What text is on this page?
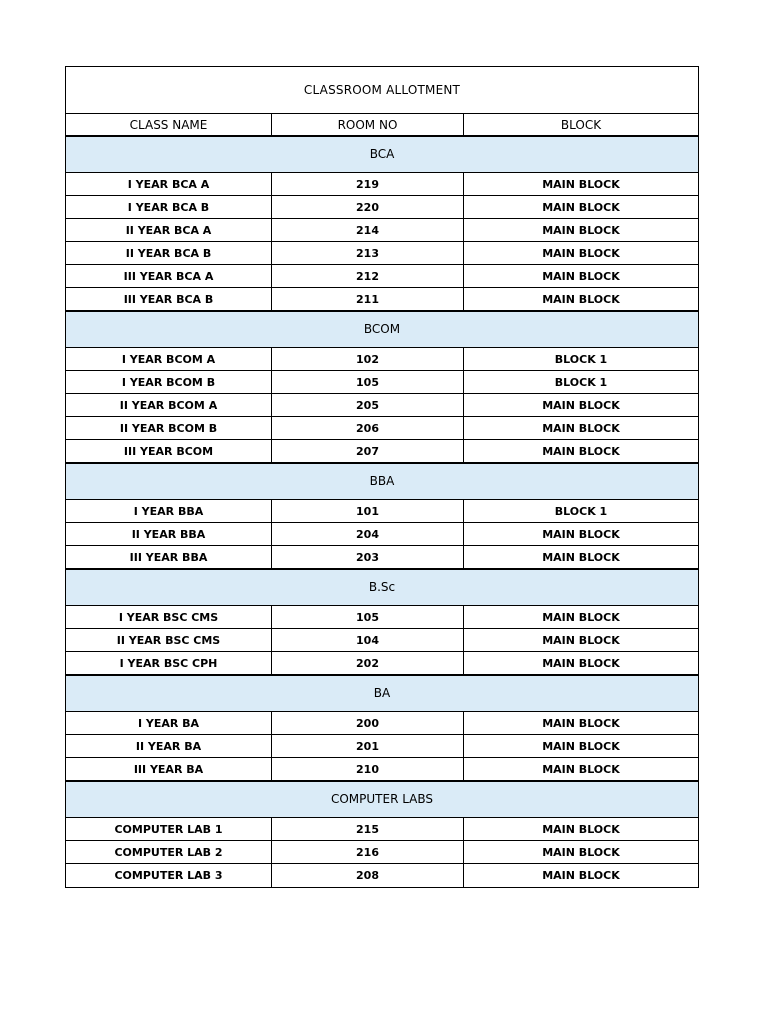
CLASSROOM ALLOTMENT
CLASS NAME	ROOM NO	BLOCK
BCA
I YEAR BCA A	219	MAIN BLOCK
I YEAR BCA B	220	MAIN BLOCK
II YEAR BCA A	214	MAIN BLOCK
II YEAR BCA B	213	MAIN BLOCK
III YEAR BCA A	212	MAIN BLOCK
III YEAR BCA B	211	MAIN BLOCK
BCOM
I YEAR BCOM A	102	BLOCK 1
I YEAR BCOM B	105	BLOCK 1
II YEAR BCOM A	205	MAIN BLOCK
II YEAR BCOM B	206	MAIN BLOCK
III YEAR BCOM	207	MAIN BLOCK
BBA
I YEAR BBA	101	BLOCK 1
II YEAR BBA	204	MAIN BLOCK
III YEAR BBA	203	MAIN BLOCK
B.Sc
I YEAR BSC CMS	105	MAIN BLOCK
II YEAR BSC CMS	104	MAIN BLOCK
I YEAR BSC CPH	202	MAIN BLOCK
BA
I YEAR BA	200	MAIN BLOCK
II YEAR BA	201	MAIN BLOCK
III YEAR BA	210	MAIN BLOCK
COMPUTER LABS
COMPUTER LAB 1	215	MAIN BLOCK
COMPUTER LAB 2	216	MAIN BLOCK
COMPUTER LAB 3	208	MAIN BLOCK
